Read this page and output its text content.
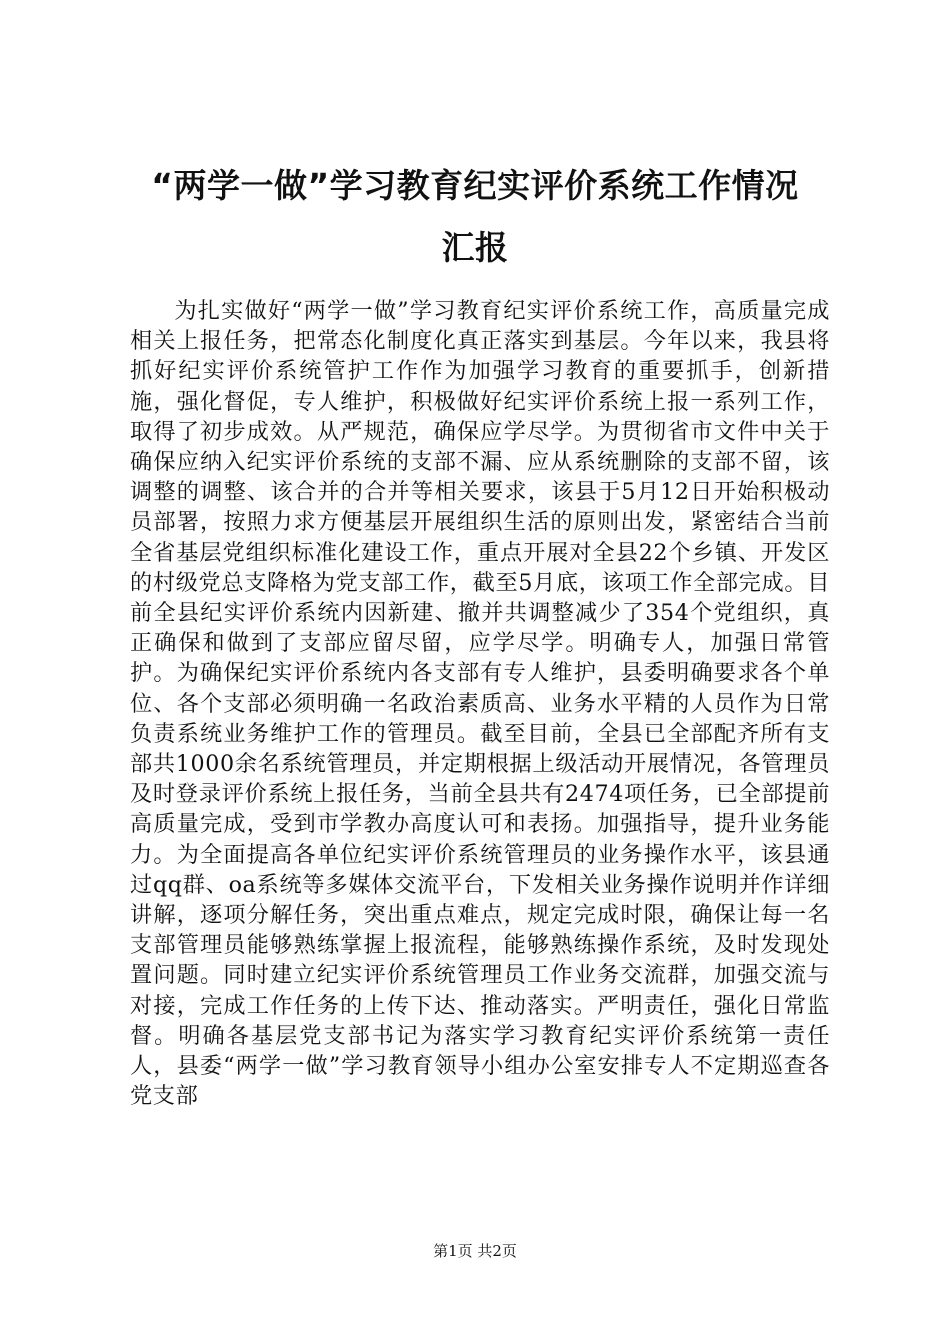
“两学一做”学习教育纪实评价系统工作情况
汇报

为扎实做好“两学一做”学习教育纪实评价系统工作，高质量完成相关上报任务，把常态化制度化真正落实到基层。今年以来，我县将抓好纪实评价系统管护工作作为加强学习教育的重要抓手，创新措施，强化督促，专人维护，积极做好纪实评价系统上报一系列工作，取得了初步成效。从严规范，确保应学尽学。为贯彻省市文件中关于确保应纳入纪实评价系统的支部不漏、应从系统删除的支部不留，该调整的调整、该合并的合并等相关要求，该县于5月12日开始积极动员部署，按照力求方便基层开展组织生活的原则出发，紧密结合当前全省基层党组织标准化建设工作，重点开展对全县22个乡镇、开发区的村级党总支降格为党支部工作，截至5月底，该项工作全部完成。目前全县纪实评价系统内因新建、撤并共调整减少了354个党组织，真正确保和做到了支部应留尽留，应学尽学。明确专人，加强日常管护。为确保纪实评价系统内各支部有专人维护，县委明确要求各个单位、各个支部必须明确一名政治素质高、业务水平精的人员作为日常负责系统业务维护工作的管理员。截至目前，全县已全部配齐所有支部共1000余名系统管理员，并定期根据上级活动开展情况，各管理员及时登录评价系统上报任务，当前全县共有2474项任务，已全部提前高质量完成，受到市学教办高度认可和表扬。加强指导，提升业务能力。为全面提高各单位纪实评价系统管理员的业务操作水平，该县通过qq群、oa系统等多媒体交流平台，下发相关业务操作说明并作详细讲解，逐项分解任务，突出重点难点，规定完成时限，确保让每一名支部管理员能够熟练掌握上报流程，能够熟练操作系统，及时发现处置问题。同时建立纪实评价系统管理员工作业务交流群，加强交流与对接，完成工作任务的上传下达、推动落实。严明责任，强化日常监督。明确各基层党支部书记为落实学习教育纪实评价系统第一责任人，县委“两学一做”学习教育领导小组办公室安排专人不定期巡查各党支部

第1页 共2页
